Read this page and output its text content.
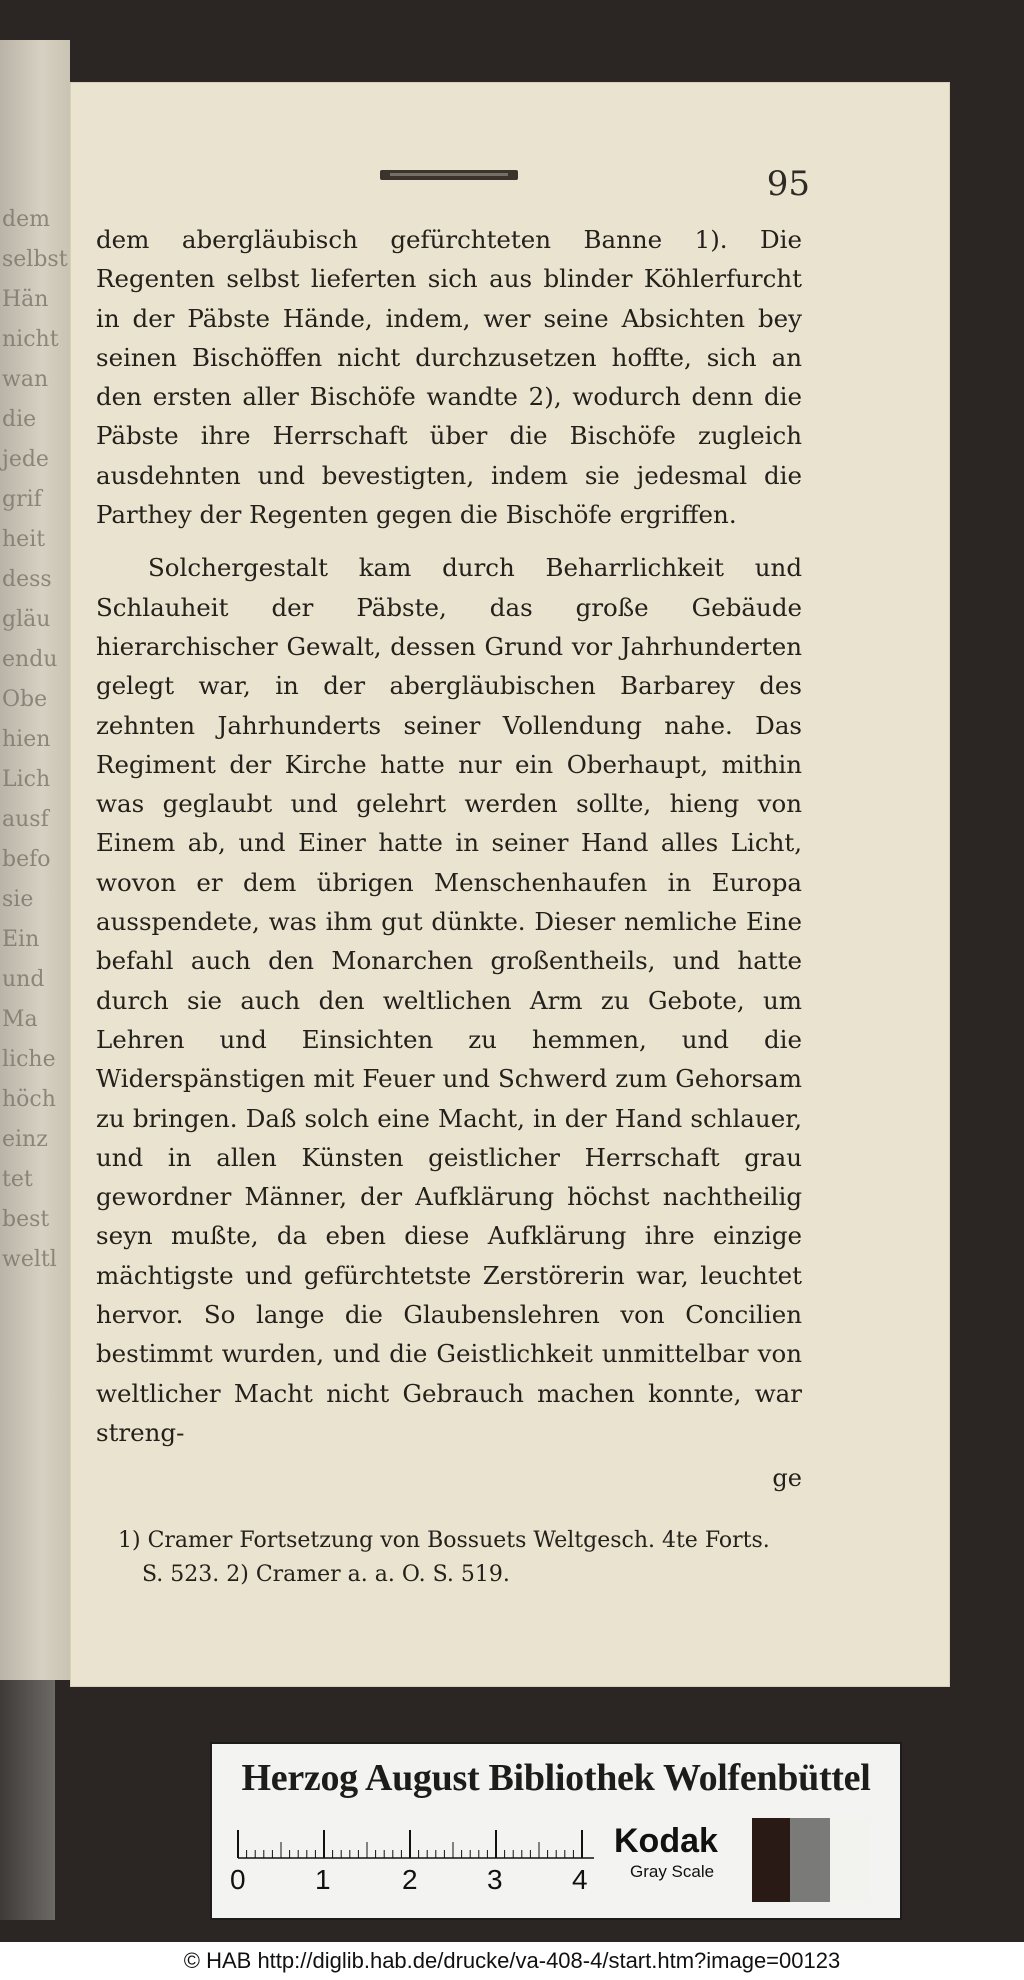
dem
selbst
Hän
nicht
wan
die
jede
grif
heit
dess
gläu
endu
Obe
hien
Lich
ausf
befo
sie
Ein
und
Ma
liche
höch
einz
tet
best
weltl
95

dem abergläubisch gefürchteten Banne 1). Die Regenten selbst lieferten sich aus blinder Köhlerfurcht in der Päbste Hände, indem, wer seine Absichten bey seinen Bischöffen nicht durchzusetzen hoffte, sich an den ersten aller Bischöfe wandte 2), wodurch denn die Päbste ihre Herrschaft über die Bischöfe zugleich ausdehnten und bevestigten, indem sie jedesmal die Parthey der Regenten gegen die Bischöfe ergriffen.

Solchergestalt kam durch Beharrlichkeit und Schlauheit der Päbste, das große Gebäude hierarchischer Gewalt, dessen Grund vor Jahrhunderten gelegt war, in der abergläubischen Barbarey des zehnten Jahrhunderts seiner Vollendung nahe. Das Regiment der Kirche hatte nur ein Oberhaupt, mithin was geglaubt und gelehrt werden sollte, hieng von Einem ab, und Einer hatte in seiner Hand alles Licht, wovon er dem übrigen Menschenhaufen in Europa ausspendete, was ihm gut dünkte. Dieser nemliche Eine befahl auch den Monarchen großentheils, und hatte durch sie auch den weltlichen Arm zu Gebote, um Lehren und Einsichten zu hemmen, und die Widerspänstigen mit Feuer und Schwerd zum Gehorsam zu bringen. Daß solch eine Macht, in der Hand schlauer, und in allen Künsten geistlicher Herrschaft grau gewordner Männer, der Aufklärung höchst nachtheilig seyn mußte, da eben diese Aufklärung ihre einzige mächtigste und gefürchtetste Zerstörerin war, leuchtet hervor. So lange die Glaubenslehren von Concilien bestimmt wurden, und die Geistlichkeit unmittelbar von weltlicher Macht nicht Gebrauch machen konnte, war streng-

ge
1) Cramer Fortsetzung von Bossuets Weltgesch. 4te Forts.
S. 523. 2) Cramer a. a. O. S. 519.
Herzog August Bibliothek Wolfenbüttel
0 1	2 3 4
Kodak
Gray Scale
© HAB http://diglib.hab.de/drucke/va-408-4/start.htm?image=00123
